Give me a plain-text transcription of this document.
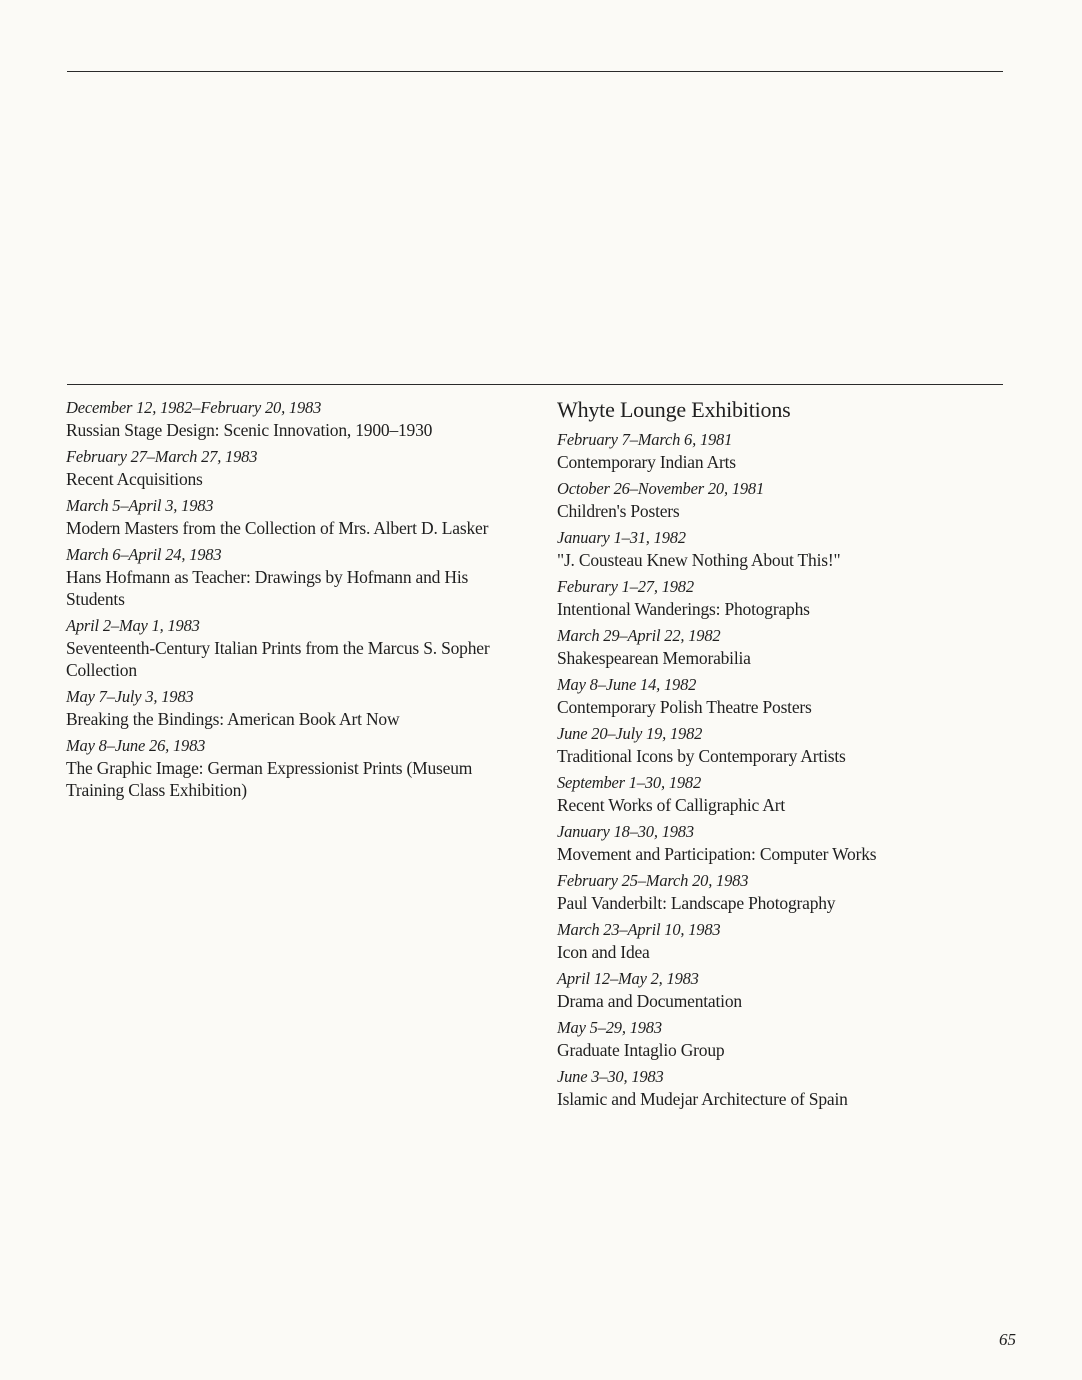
December 12, 1982–February 20, 1983
Russian Stage Design: Scenic Innovation, 1900–1930
February 27–March 27, 1983
Recent Acquisitions
March 5–April 3, 1983
Modern Masters from the Collection of Mrs. Albert D. Lasker
March 6–April 24, 1983
Hans Hofmann as Teacher: Drawings by Hofmann and His Students
April 2–May 1, 1983
Seventeenth-Century Italian Prints from the Marcus S. Sopher Collection
May 7–July 3, 1983
Breaking the Bindings: American Book Art Now
May 8–June 26, 1983
The Graphic Image: German Expressionist Prints (Museum Training Class Exhibition)
Whyte Lounge Exhibitions
February 7–March 6, 1981
Contemporary Indian Arts
October 26–November 20, 1981
Children's Posters
January 1–31, 1982
"J. Cousteau Knew Nothing About This!"
Feburary 1–27, 1982
Intentional Wanderings: Photographs
March 29–April 22, 1982
Shakespearean Memorabilia
May 8–June 14, 1982
Contemporary Polish Theatre Posters
June 20–July 19, 1982
Traditional Icons by Contemporary Artists
September 1–30, 1982
Recent Works of Calligraphic Art
January 18–30, 1983
Movement and Participation: Computer Works
February 25–March 20, 1983
Paul Vanderbilt: Landscape Photography
March 23–April 10, 1983
Icon and Idea
April 12–May 2, 1983
Drama and Documentation
May 5–29, 1983
Graduate Intaglio Group
June 3–30, 1983
Islamic and Mudejar Architecture of Spain
65
